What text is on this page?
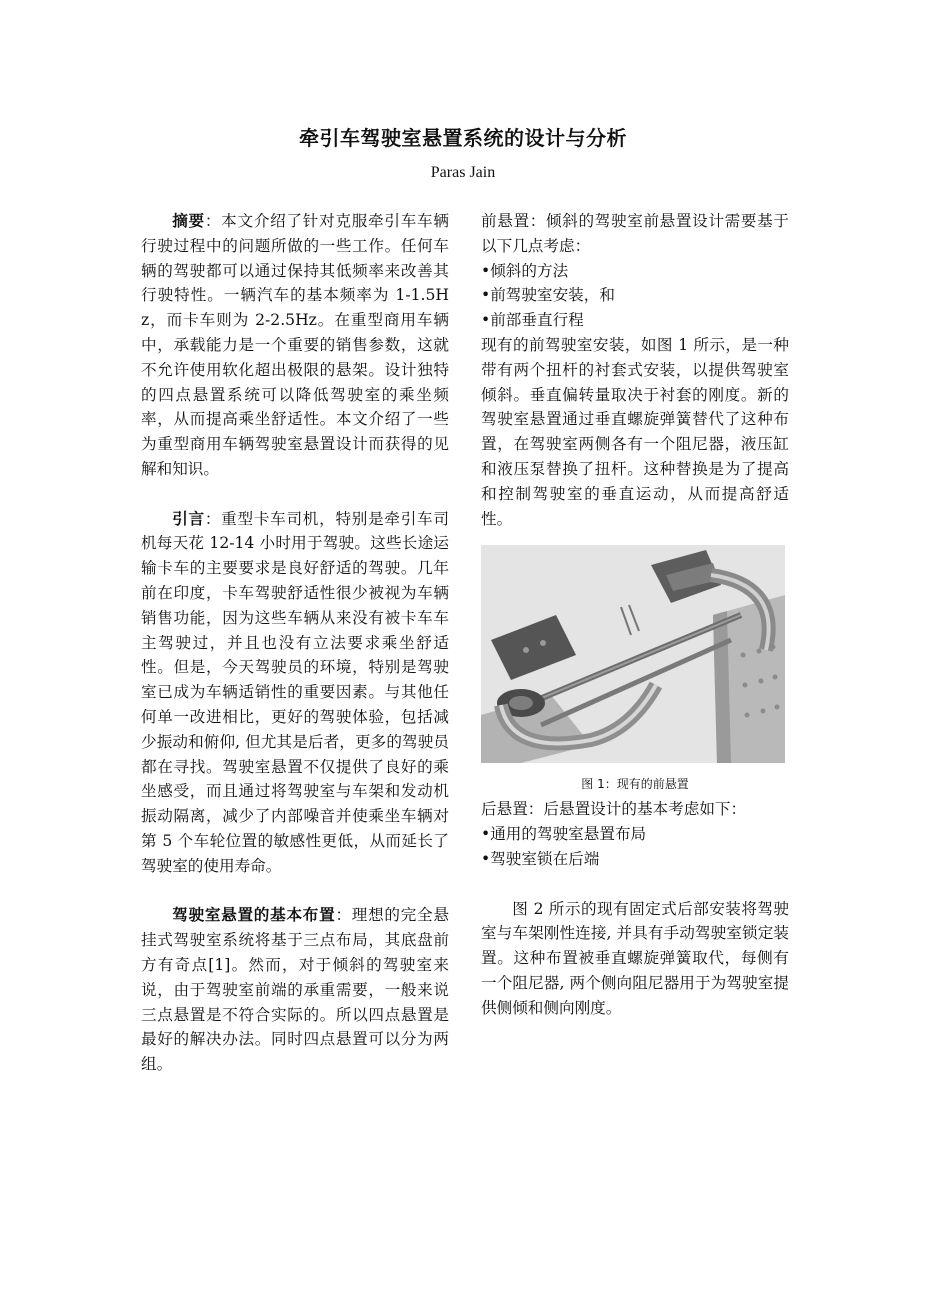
牵引车驾驶室悬置系统的设计与分析
Paras Jain

摘要：本文介绍了针对克服牵引车车辆行驶过程中的问题所做的一些工作。任何车辆的驾驶都可以通过保持其低频率来改善其行驶特性。一辆汽车的基本频率为 1-1.5Hz，而卡车则为 2-2.5Hz。在重型商用车辆中，承载能力是一个重要的销售参数，这就不允许使用软化超出极限的悬架。设计独特的四点悬置系统可以降低驾驶室的乘坐频率，从而提高乘坐舒适性。本文介绍了一些为重型商用车辆驾驶室悬置设计而获得的见解和知识。

引言：重型卡车司机，特别是牵引车司机每天花 12-14 小时用于驾驶。这些长途运输卡车的主要要求是良好舒适的驾驶。几年前在印度，卡车驾驶舒适性很少被视为车辆销售功能，因为这些车辆从来没有被卡车车主驾驶过，并且也没有立法要求乘坐舒适性。但是，今天驾驶员的环境，特别是驾驶室已成为车辆适销性的重要因素。与其他任何单一改进相比，更好的驾驶体验，包括减少振动和俯仰, 但尤其是后者，更多的驾驶员都在寻找。驾驶室悬置不仅提供了良好的乘坐感受，而且通过将驾驶室与车架和发动机振动隔离，减少了内部噪音并使乘坐车辆对第 5 个车轮位置的敏感性更低，从而延长了驾驶室的使用寿命。

驾驶室悬置的基本布置：理想的完全悬挂式驾驶室系统将基于三点布局，其底盘前方有奇点[1]。然而，对于倾斜的驾驶室来说，由于驾驶室前端的承重需要，一般来说三点悬置是不符合实际的。所以四点悬置是最好的解决办法。同时四点悬置可以分为两组。

前悬置：倾斜的驾驶室前悬置设计需要基于以下几点考虑：

• 倾斜的方法

• 前驾驶室安装，和

• 前部垂直行程

现有的前驾驶室安装，如图 1 所示，是一种带有两个扭杆的衬套式安装，以提供驾驶室倾斜。垂直偏转量取决于衬套的刚度。新的驾驶室悬置通过垂直螺旋弹簧替代了这种布置，在驾驶室两侧各有一个阻尼器，液压缸和液压泵替换了扭杆。这种替换是为了提高和控制驾驶室的垂直运动，从而提高舒适性。

图 1：现有的前悬置

后悬置：后悬置设计的基本考虑如下：

• 通用的驾驶室悬置布局

• 驾驶室锁在后端

图 2 所示的现有固定式后部安装将驾驶室与车架刚性连接, 并具有手动驾驶室锁定装置。这种布置被垂直螺旋弹簧取代，每侧有一个阻尼器, 两个侧向阻尼器用于为驾驶室提供侧倾和侧向刚度。
